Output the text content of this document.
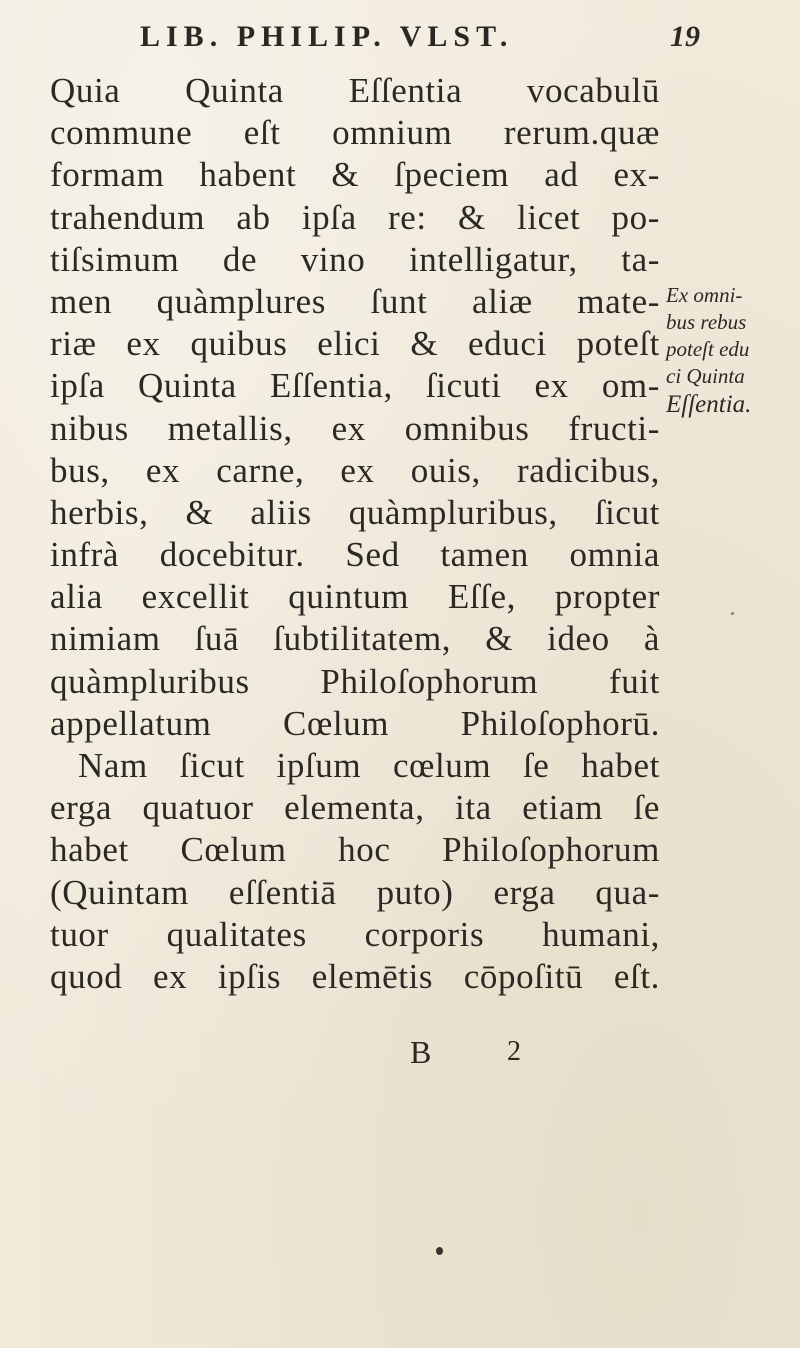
LIB. PHILIP. VLST.	19
Quia Quinta Eſſentia vocabulū
commune eſt omnium rerum.quæ
formam habent & ſpeciem ad ex-
trahendum ab ipſa re: & licet po-
tiſsimum de vino intelligatur, ta-
men quàmplures ſunt aliæ mate-
riæ ex quibus elici & educi poteſt
ipſa Quinta Eſſentia, ſicuti ex om-
nibus metallis, ex omnibus fructi-
bus, ex carne, ex ouis, radicibus,
herbis, & aliis quàmpluribus, ſicut
infrà docebitur. Sed tamen omnia
alia excellit quintum Eſſe, propter
nimiam ſuā ſubtilitatem, & ideo à
quàmpluribus Philoſophorum fuit
appellatum Cœlum Philoſophorū.
Nam ſicut ipſum cœlum ſe habet
erga quatuor elementa, ita etiam ſe
habet Cœlum hoc Philoſophorum
(Quintam eſſentiā puto) erga qua-
tuor qualitates corporis humani,
quod ex ipſis elemētis cōpoſitū eſt.
Ex omni-
bus rebus
poteſt edu
ci Quinta
Eſſentia.
B	2
